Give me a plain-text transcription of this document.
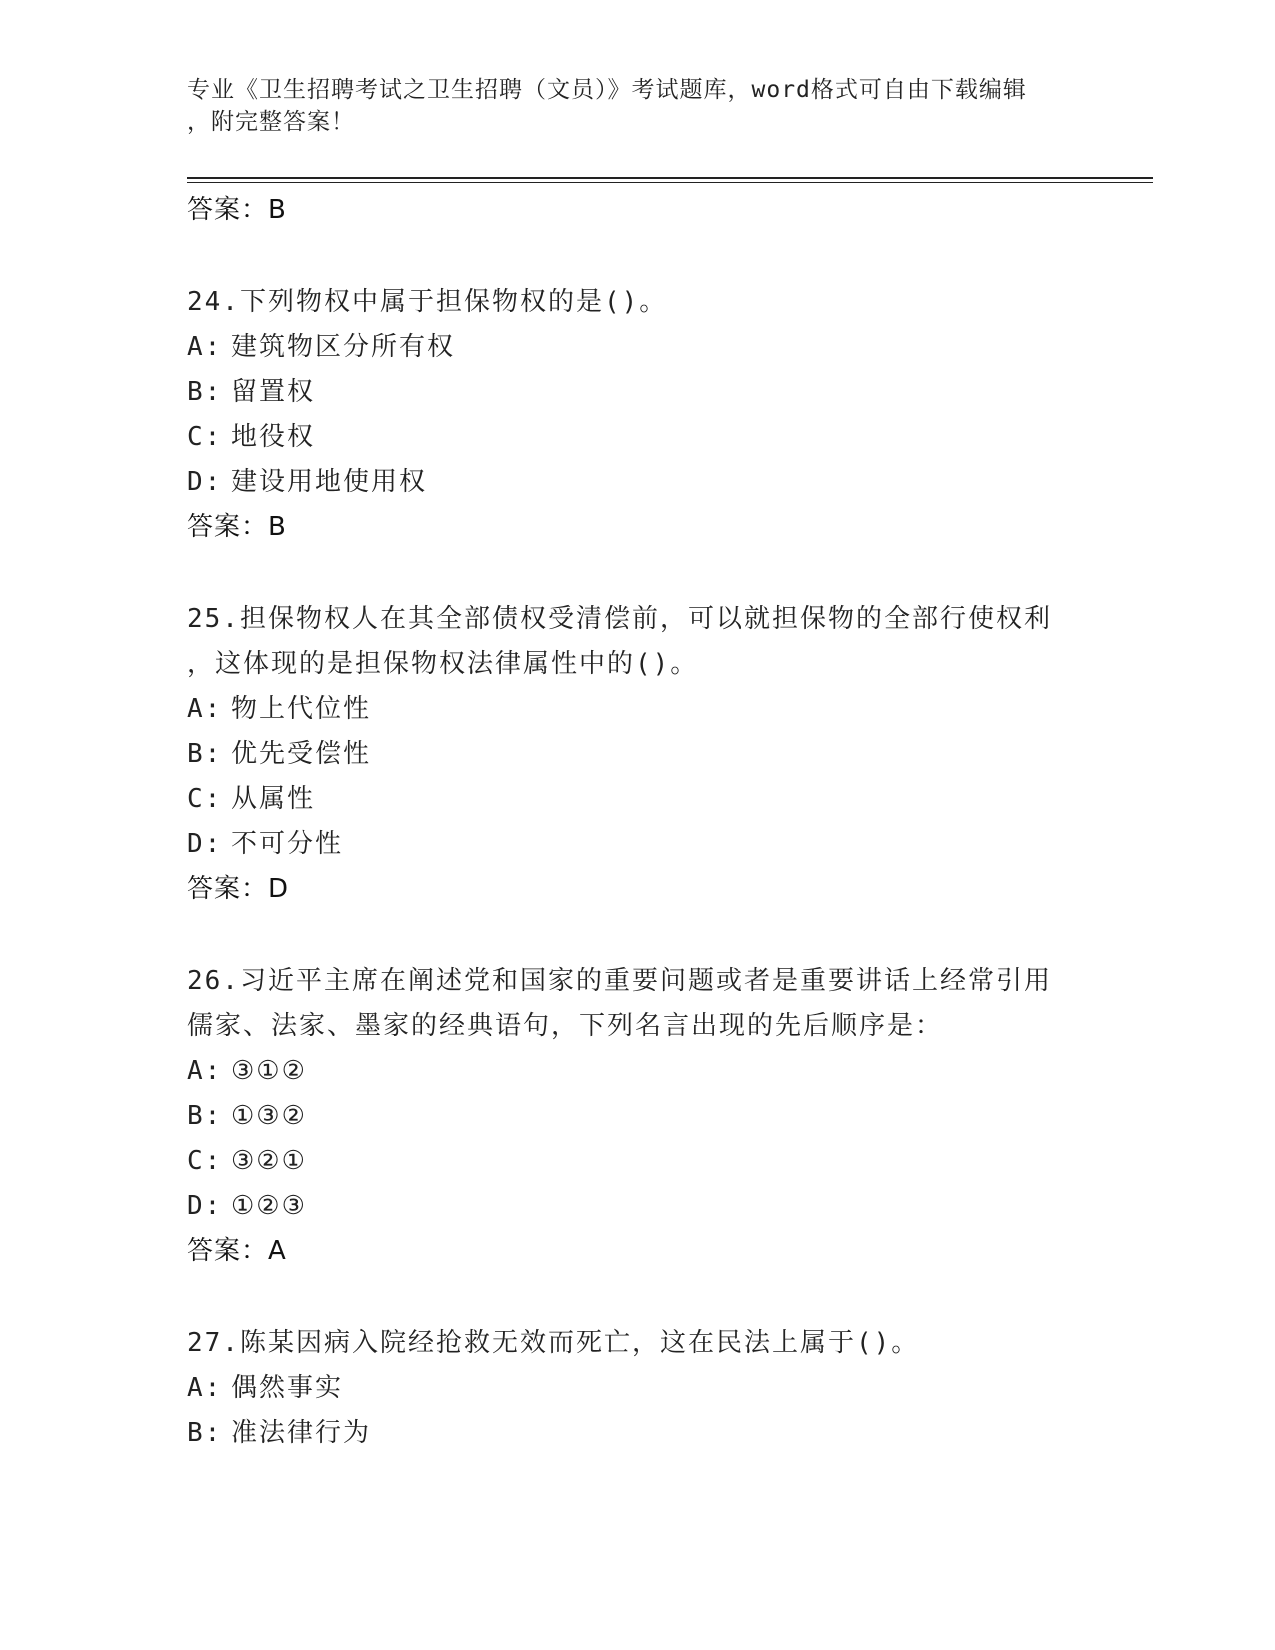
专业《卫生招聘考试之卫生招聘（文员）》考试题库，word格式可自由下载编辑
，附完整答案！
答案：B
24.下列物权中属于担保物权的是()。
A: 建筑物区分所有权
B: 留置权
C: 地役权
D: 建设用地使用权
答案：B
25.担保物权人在其全部债权受清偿前，可以就担保物的全部行使权利
，这体现的是担保物权法律属性中的()。
A: 物上代位性
B: 优先受偿性
C: 从属性
D: 不可分性
答案：D
26.习近平主席在阐述党和国家的重要问题或者是重要讲话上经常引用
儒家、法家、墨家的经典语句，下列名言出现的先后顺序是：
A: ③①②
B: ①③②
C: ③②①
D: ①②③
答案：A
27.陈某因病入院经抢救无效而死亡，这在民法上属于()。
A: 偶然事实
B: 准法律行为
